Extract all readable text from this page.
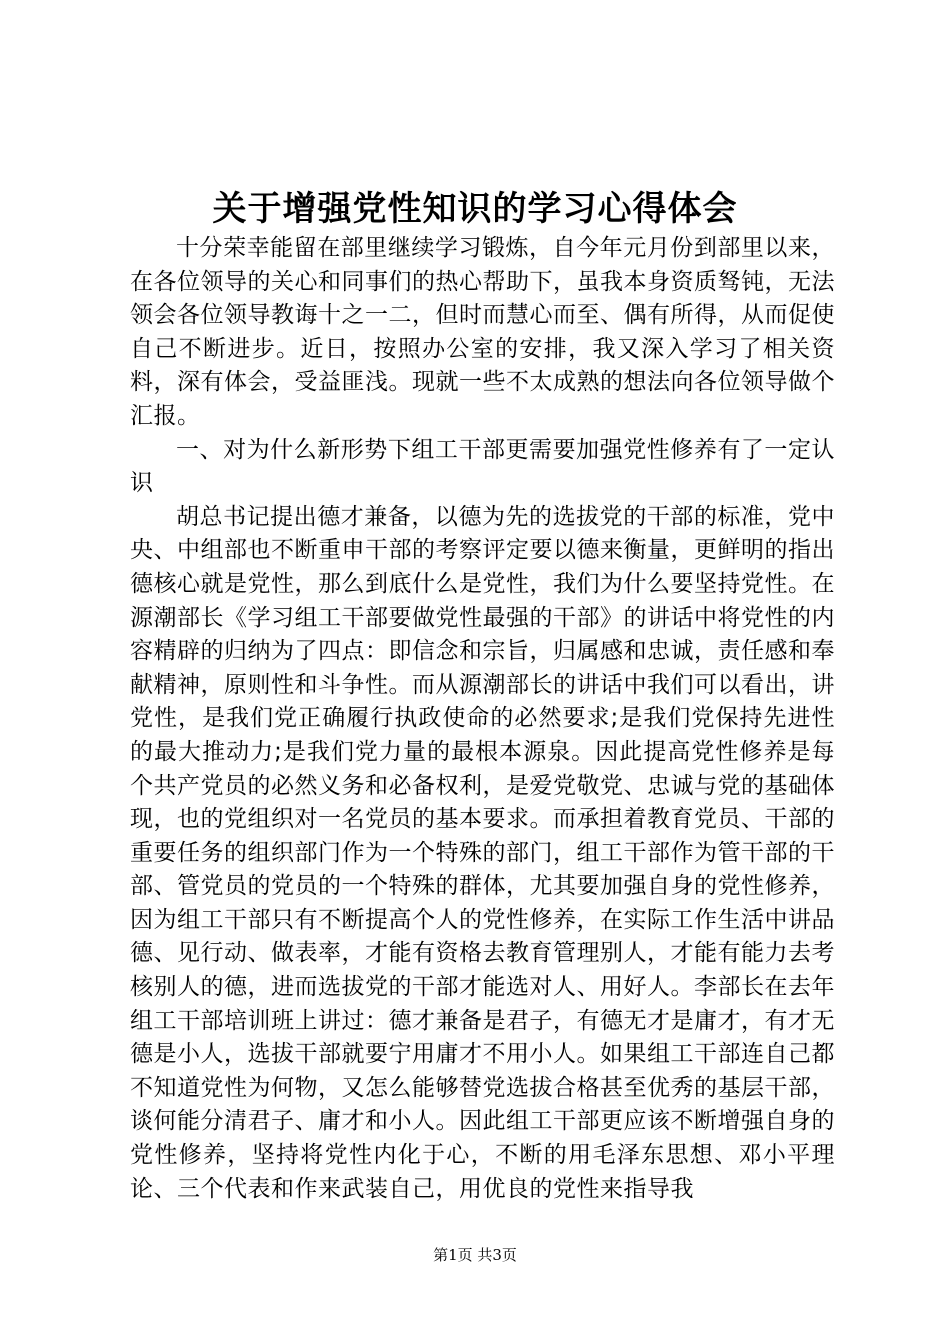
关于增强党性知识的学习心得体会

十分荣幸能留在部里继续学习锻炼，自今年元月份到部里以来，在各位领导的关心和同事们的热心帮助下，虽我本身资质驽钝，无法领会各位领导教诲十之一二，但时而慧心而至、偶有所得，从而促使自己不断进步。近日，按照办公室的安排，我又深入学习了相关资料，深有体会，受益匪浅。现就一些不太成熟的想法向各位领导做个汇报。

一、对为什么新形势下组工干部更需要加强党性修养有了一定认识

胡总书记提出德才兼备，以德为先的选拔党的干部的标准，党中央、中组部也不断重申干部的考察评定要以德来衡量，更鲜明的指出德核心就是党性，那么到底什么是党性，我们为什么要坚持党性。在源潮部长《学习组工干部要做党性最强的干部》的讲话中将党性的内容精辟的归纳为了四点：即信念和宗旨，归属感和忠诚，责任感和奉献精神，原则性和斗争性。而从源潮部长的讲话中我们可以看出，讲党性，是我们党正确履行执政使命的必然要求;是我们党保持先进性的最大推动力;是我们党力量的最根本源泉。因此提高党性修养是每个共产党员的必然义务和必备权利，是爱党敬党、忠诚与党的基础体现，也的党组织对一名党员的基本要求。而承担着教育党员、干部的重要任务的组织部门作为一个特殊的部门，组工干部作为管干部的干部、管党员的党员的一个特殊的群体，尤其要加强自身的党性修养，因为组工干部只有不断提高个人的党性修养，在实际工作生活中讲品德、见行动、做表率，才能有资格去教育管理别人，才能有能力去考核别人的德，进而选拔党的干部才能选对人、用好人。李部长在去年组工干部培训班上讲过：德才兼备是君子，有德无才是庸才，有才无德是小人，选拔干部就要宁用庸才不用小人。如果组工干部连自己都不知道党性为何物，又怎么能够替党选拔合格甚至优秀的基层干部，谈何能分清君子、庸才和小人。因此组工干部更应该不断增强自身的党性修养，坚持将党性内化于心，不断的用毛泽东思想、邓小平理论、三个代表和作来武装自己，用优良的党性来指导我

第1页 共3页
